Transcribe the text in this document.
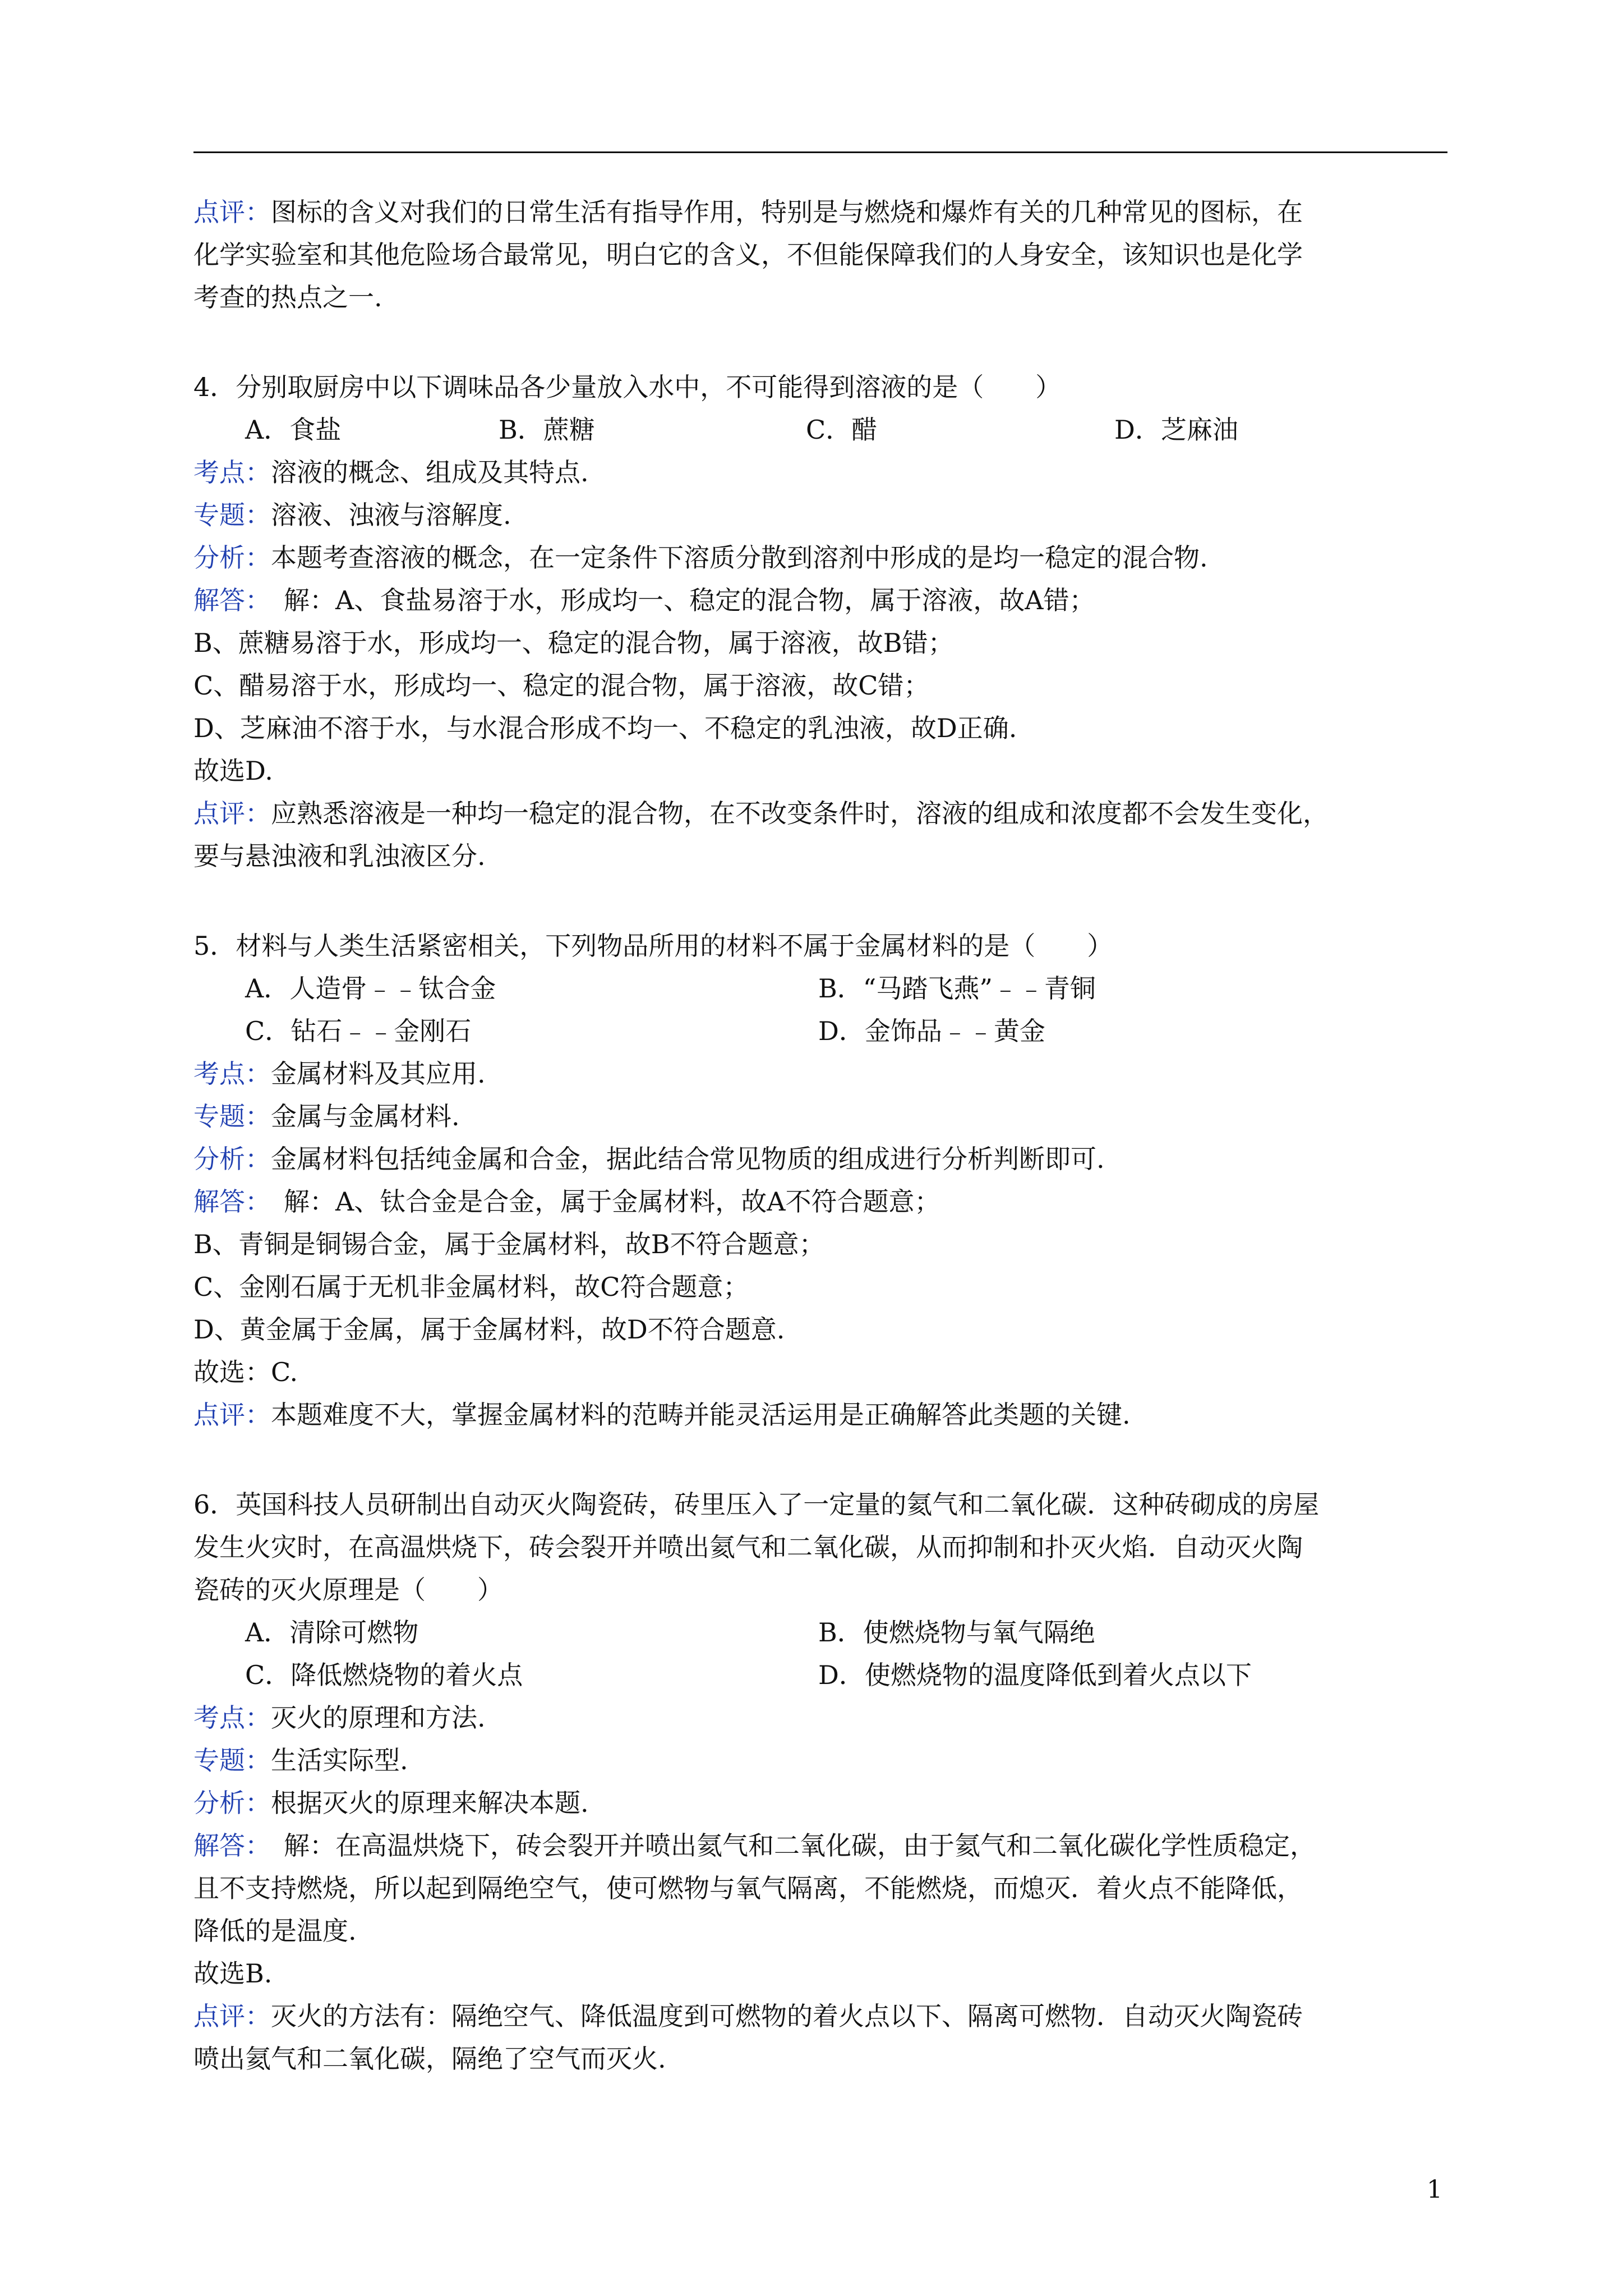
点评：图标的含义对我们的日常生活有指导作用，特别是与燃烧和爆炸有关的几种常见的图标，在
化学实验室和其他危险场合最常见，明白它的含义，不但能保障我们的人身安全，该知识也是化学
考查的热点之一.
4．分别取厨房中以下调味品各少量放入水中，不可能得到溶液的是（　　）
A．食盐	B．蔗糖	C．醋	D．芝麻油
考点：溶液的概念、组成及其特点.
专题：溶液、浊液与溶解度.
分析：本题考查溶液的概念，在一定条件下溶质分散到溶剂中形成的是均一稳定的混合物.
解答：　解：A、食盐易溶于水，形成均一、稳定的混合物，属于溶液，故A错；
B、蔗糖易溶于水，形成均一、稳定的混合物，属于溶液，故B错；
C、醋易溶于水，形成均一、稳定的混合物，属于溶液，故C错；
D、芝麻油不溶于水，与水混合形成不均一、不稳定的乳浊液，故D正确.
故选D.
点评：应熟悉溶液是一种均一稳定的混合物，在不改变条件时，溶液的组成和浓度都不会发生变化，
要与悬浊液和乳浊液区分.
5．材料与人类生活紧密相关，下列物品所用的材料不属于金属材料的是（　　）
A．人造骨﹣﹣钛合金	B．“马踏飞燕”﹣﹣青铜
C．钻石﹣﹣金刚石	D．金饰品﹣﹣黄金
考点：金属材料及其应用.
专题：金属与金属材料.
分析：金属材料包括纯金属和合金，据此结合常见物质的组成进行分析判断即可.
解答：　解：A、钛合金是合金，属于金属材料，故A不符合题意；
B、青铜是铜锡合金，属于金属材料，故B不符合题意；
C、金刚石属于无机非金属材料，故C符合题意；
D、黄金属于金属，属于金属材料，故D不符合题意.
故选：C.
点评：本题难度不大，掌握金属材料的范畴并能灵活运用是正确解答此类题的关键.
6．英国科技人员研制出自动灭火陶瓷砖，砖里压入了一定量的氦气和二氧化碳．这种砖砌成的房屋
发生火灾时，在高温烘烧下，砖会裂开并喷出氦气和二氧化碳，从而抑制和扑灭火焰．自动灭火陶
瓷砖的灭火原理是（　　）
A．清除可燃物	B．使燃烧物与氧气隔绝
C．降低燃烧物的着火点	D．使燃烧物的温度降低到着火点以下
考点：灭火的原理和方法.
专题：生活实际型.
分析：根据灭火的原理来解决本题.
解答：　解：在高温烘烧下，砖会裂开并喷出氦气和二氧化碳，由于氦气和二氧化碳化学性质稳定，
且不支持燃烧，所以起到隔绝空气，使可燃物与氧气隔离，不能燃烧，而熄灭．着火点不能降低，
降低的是温度.
故选B.
点评：灭火的方法有：隔绝空气、降低温度到可燃物的着火点以下、隔离可燃物．自动灭火陶瓷砖
喷出氦气和二氧化碳，隔绝了空气而灭火.
1
